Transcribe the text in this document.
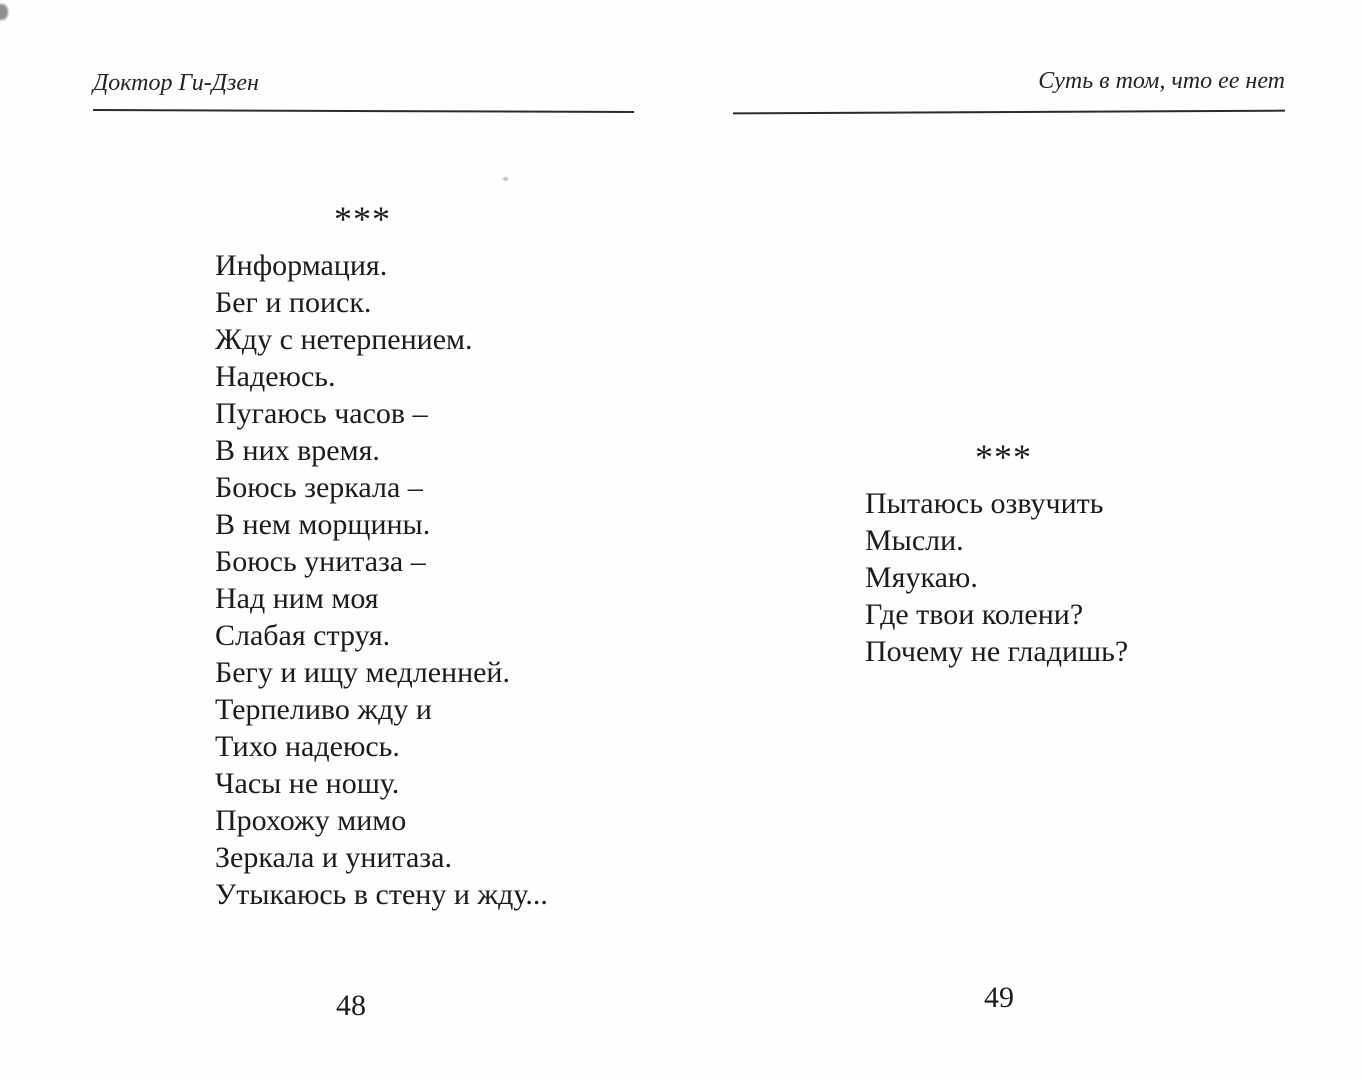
Доктор Ги-Дзен
***
Информация.
Бег и поиск.
Жду с нетерпением.
Надеюсь.
Пугаюсь часов –
В них время.
Боюсь зеркала –
В нем морщины.
Боюсь унитаза –
Над ним моя
Слабая струя.
Бегу и ищу медленней.
Терпеливо жду и
Тихо надеюсь.
Часы не ношу.
Прохожу мимо
Зеркала и унитаза.
Утыкаюсь в стену и жду...
48
Суть в том, что ее нет
***
Пытаюсь озвучить
Мысли.
Мяукаю.
Где твои колени?
Почему не гладишь?
49
